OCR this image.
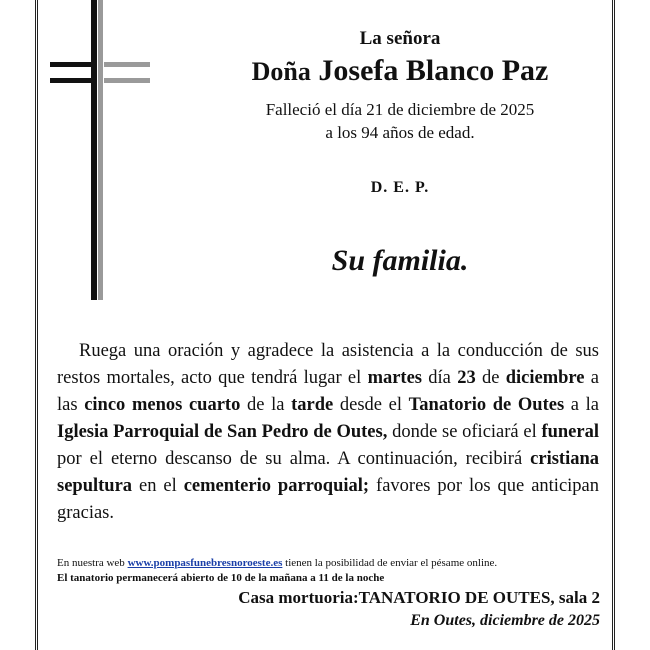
La señora
Doña Josefa Blanco Paz
Falleció el día 21 de diciembre de 2025
a los 94 años de edad.
D. E. P.
Su familia.

Ruega una oración y agradece la asistencia a la conducción de sus restos mortales, acto que tendrá lugar el martes día 23 de diciembre a las cinco menos cuarto de la tarde desde el Tanatorio de Outes a la Iglesia Parroquial de San Pedro de Outes, donde se oficiará el funeral por el eterno descanso de su alma. A continuación, recibirá cristiana sepultura en el cementerio parroquial; favores por los que anticipan gracias.

En nuestra web www.pompasfunebresnoroeste.es tienen la posibilidad de enviar el pésame online.
El tanatorio permanecerá abierto de 10 de la mañana a 11 de la noche
Casa mortuoria:TANATORIO DE OUTES, sala 2
En Outes, diciembre de 2025
